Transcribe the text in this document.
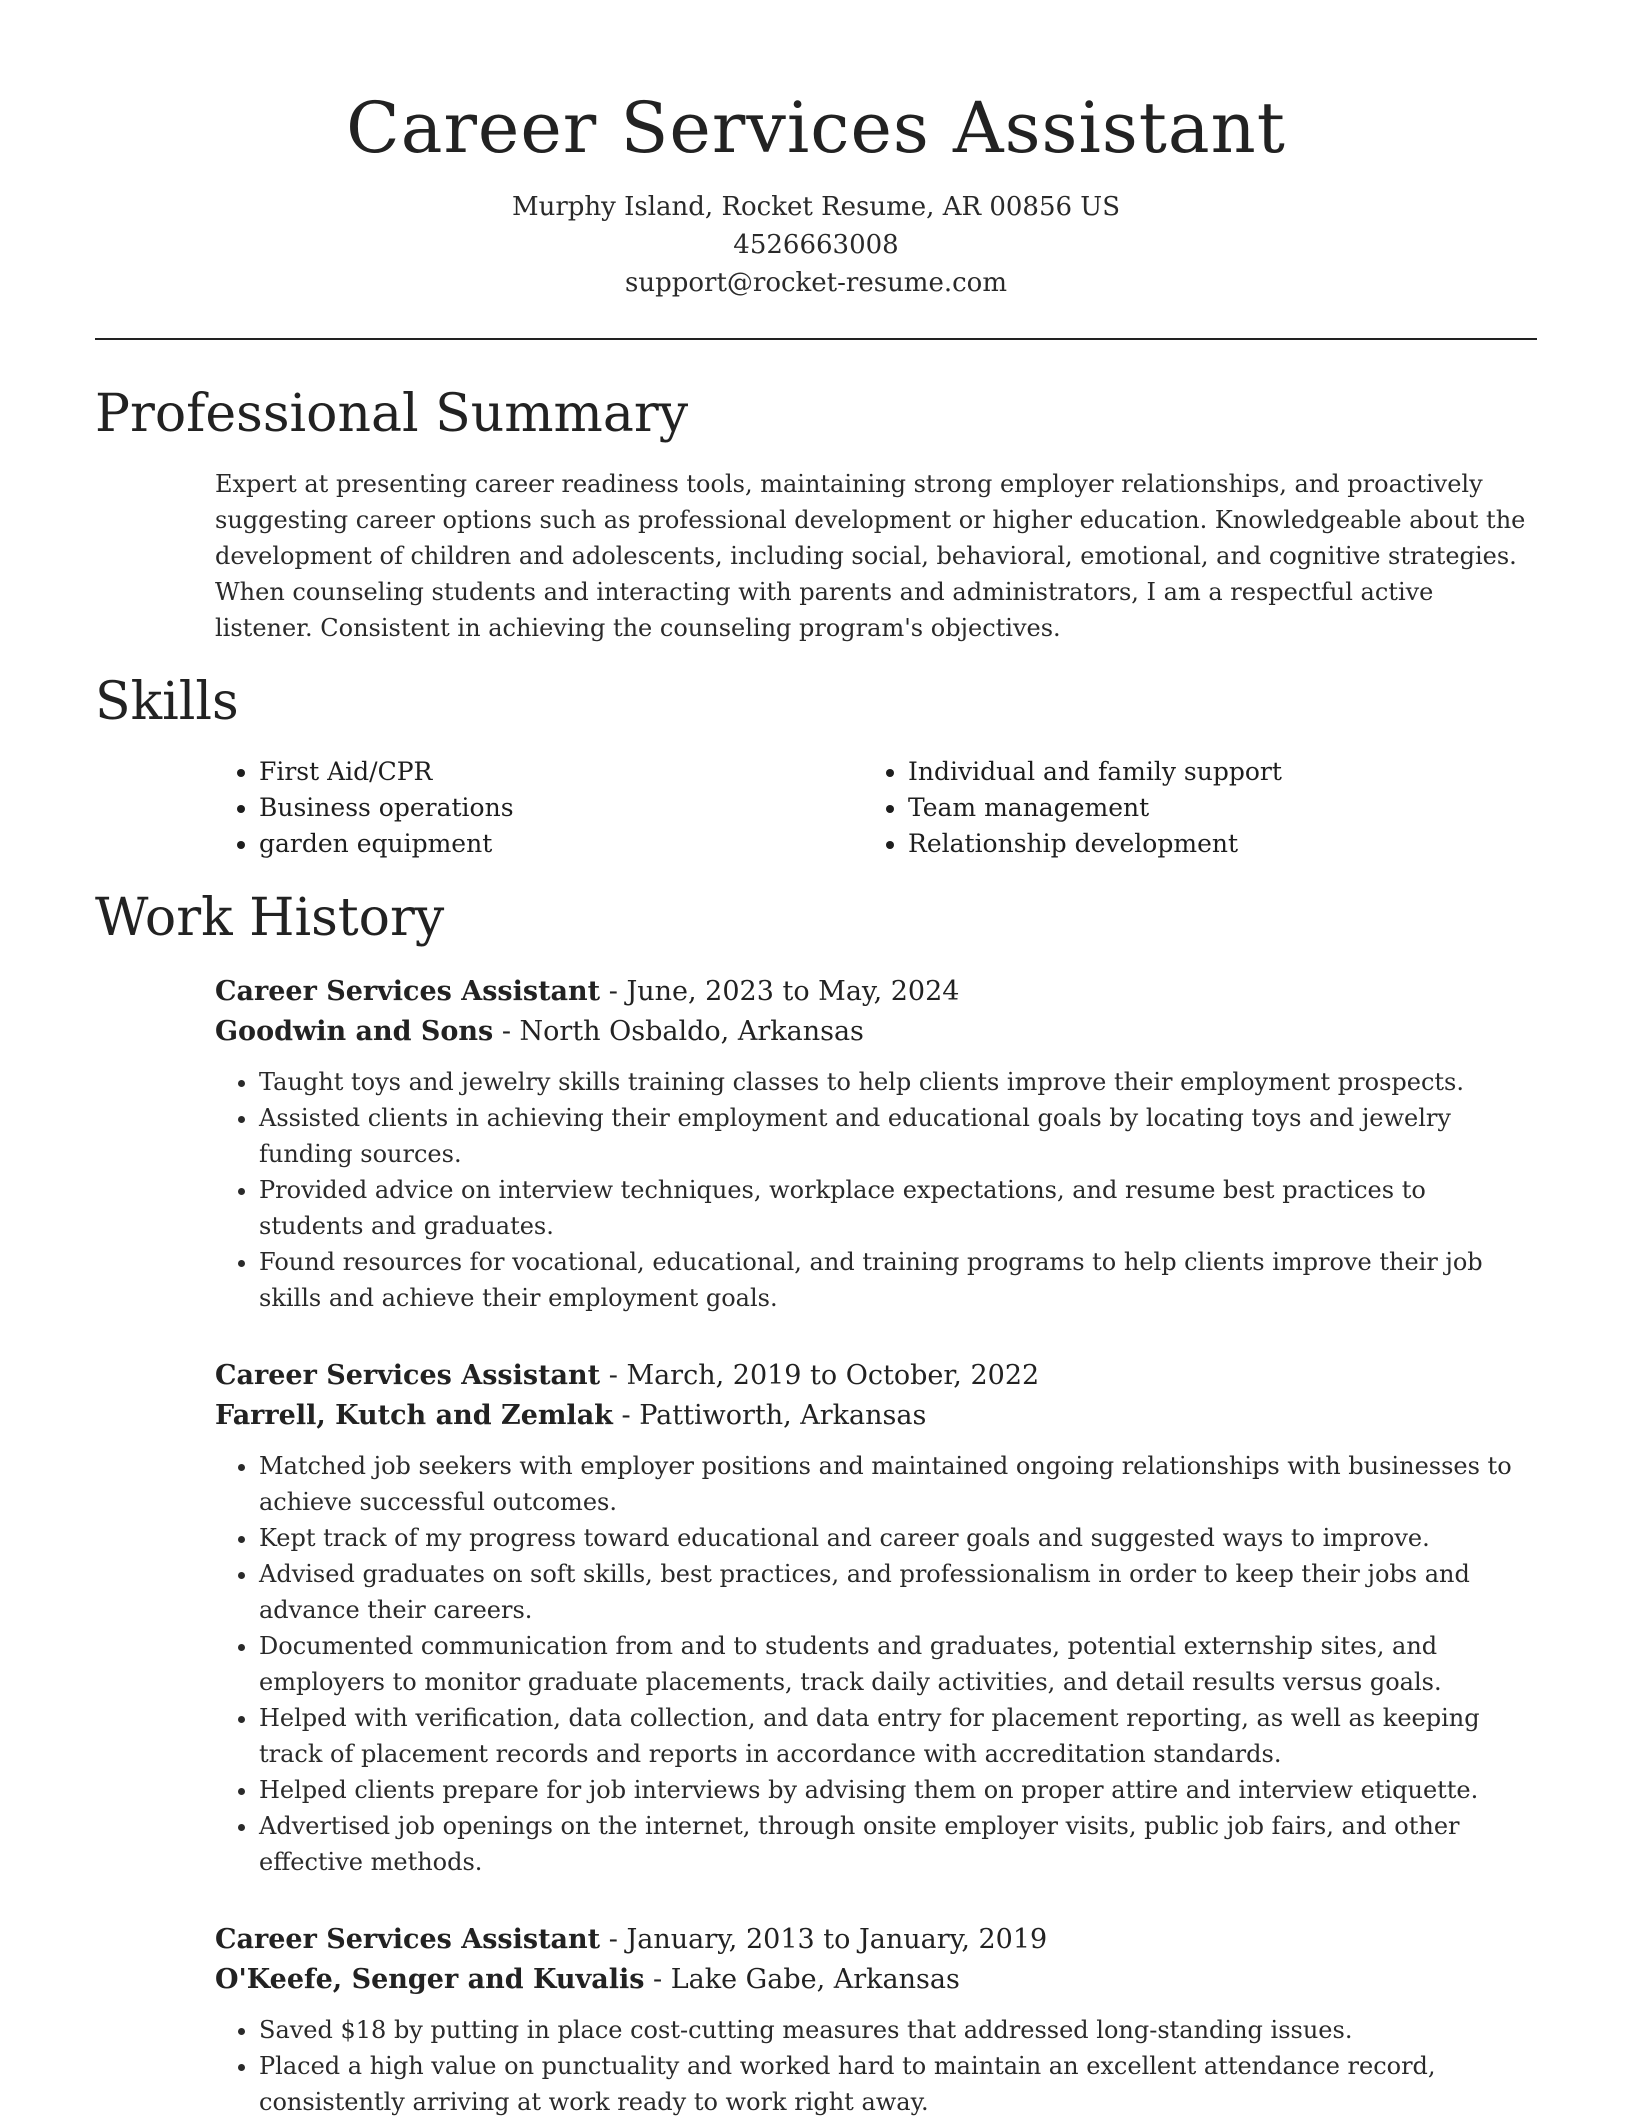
Career Services Assistant
Murphy Island, Rocket Resume, AR 00856 US
4526663008
support@rocket-resume.com
Professional Summary

Expert at presenting career readiness tools, maintaining strong employer relationships, and proactively suggesting career options such as professional development or higher education. Knowledgeable about the development of children and adolescents, including social, behavioral, emotional, and cognitive strategies. When counseling students and interacting with parents and administrators, I am a respectful active listener. Consistent in achieving the counseling program's objectives.

Skills
• First Aid/CPR
• Business operations
• garden equipment
• Individual and family support
• Team management
• Relationship development
Work History
Career Services Assistant - June, 2023 to May, 2024
Goodwin and Sons - North Osbaldo, Arkansas
• Taught toys and jewelry skills training classes to help clients improve their employment prospects.
• Assisted clients in achieving their employment and educational goals by locating toys and jewelry funding sources.
• Provided advice on interview techniques, workplace expectations, and resume best practices to students and graduates.
• Found resources for vocational, educational, and training programs to help clients improve their job skills and achieve their employment goals.
Career Services Assistant - March, 2019 to October, 2022
Farrell, Kutch and Zemlak - Pattiworth, Arkansas
• Matched job seekers with employer positions and maintained ongoing relationships with businesses to achieve successful outcomes.
• Kept track of my progress toward educational and career goals and suggested ways to improve.
• Advised graduates on soft skills, best practices, and professionalism in order to keep their jobs and advance their careers.
• Documented communication from and to students and graduates, potential externship sites, and employers to monitor graduate placements, track daily activities, and detail results versus goals.
• Helped with verification, data collection, and data entry for placement reporting, as well as keeping track of placement records and reports in accordance with accreditation standards.
• Helped clients prepare for job interviews by advising them on proper attire and interview etiquette.
• Advertised job openings on the internet, through onsite employer visits, public job fairs, and other effective methods.
Career Services Assistant - January, 2013 to January, 2019
O'Keefe, Senger and Kuvalis - Lake Gabe, Arkansas
• Saved $18 by putting in place cost-cutting measures that addressed long-standing issues.
• Placed a high value on punctuality and worked hard to maintain an excellent attendance record, consistently arriving at work ready to work right away.
